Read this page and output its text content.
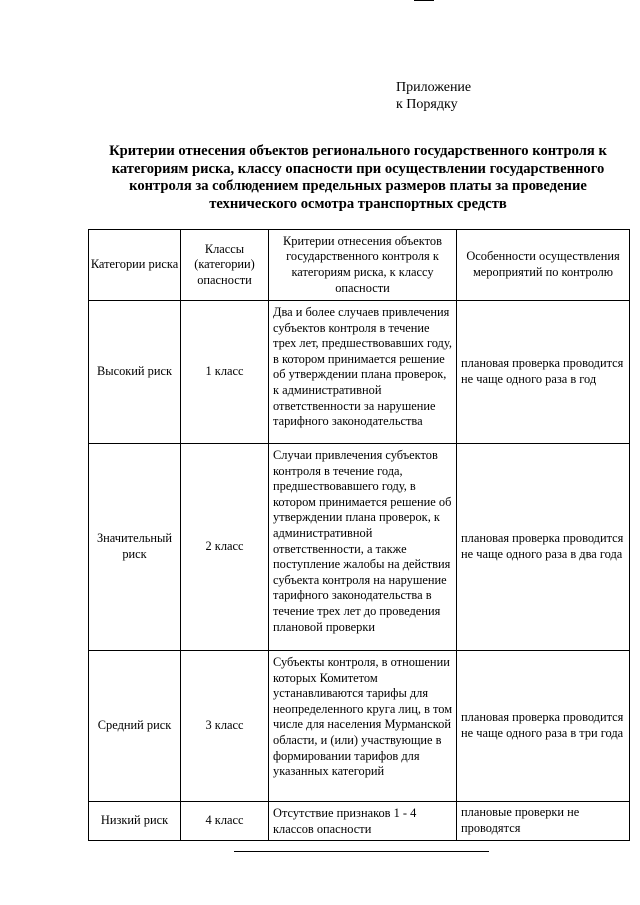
Приложение
к Порядку
Критерии отнесения объектов регионального государственного контроля к категориям риска, классу опасности при осуществлении государственного контроля за соблюдением предельных размеров платы за проведение технического осмотра транспортных средств
Категории риска	Классы (категории) опасности	Критерии отнесения объектов государственного контроля к категориям риска, к классу опасности	Особенности осуществления мероприятий по контролю
Высокий риск	1 класс	Два и более случаев привлечения субъектов контроля в течение трех лет, предшествовавших году, в котором принимается решение об утверждении плана проверок, к административной ответственности за нарушение тарифного законодательства	плановая проверка проводится не чаще одного раза в год
Значительный риск	2 класс	Случаи привлечения субъектов контроля в течение года, предшествовавшего году, в котором принимается решение об утверждении плана проверок, к административной ответственности, а также поступление жалобы на действия субъекта контроля на нарушение тарифного законодательства в течение трех лет до проведения плановой проверки	плановая проверка проводится не чаще одного раза в два года
Средний риск	3 класс	Субъекты контроля, в отношении которых Комитетом устанавливаются тарифы для неопределенного круга лиц, в том числе для населения Мурманской области, и (или) участвующие в формировании тарифов для указанных категорий	плановая проверка проводится не чаще одного раза в три года
Низкий риск	4 класс	Отсутствие признаков 1 - 4 классов опасности	плановые проверки не проводятся
